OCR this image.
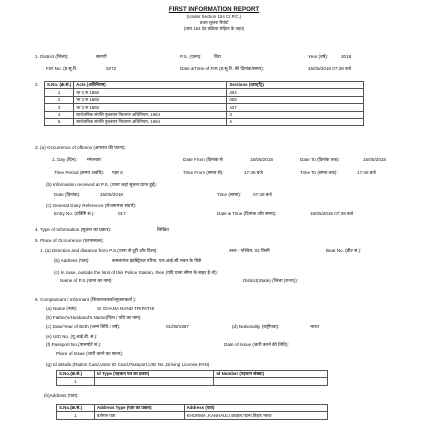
FIRST INFORMATION REPORT
(Under Section 154 Cr.P.C.)
प्रथम सूचना रिपोर्ट
(धारा 154 दंड प्रक्रिया संहिता के तहत)
1. District (जिला):	सारणी	P.S. (थाना):	विरा	Year (वर्ष):	2018
FIR No. (प्र.सू.रि.	0272	Date &Time of FIR (प्र.सू.रि. की दिनांक/समय):	16/05/2018 07:39 बजे
2. S.No. (क्र.सं.)	Acts (अधिनियम)	Sections (धारा(एँ))
1	भा द स 1860	304
2	भा द स 1860	308
3	भा द स 1860	427
4	सार्वजनिक संपत्ति नुकसान निवारण अधिनियम, 1984	3
5	सार्वजनिक संपत्ति नुकसान निवारण अधिनियम, 1984	4
3. (a) Occurrence of offence (अपराध की घटना):
1. Day (दिन): मंगलवार	Date From (दिनांक से	15/05/2018	Date To (दिनांक तक):	15/05/2018
Time Period (समय अवधि): पहर 6	Time From (समय से):	17:45 बजे	Time To (समय तक):	17:45 बजे
(b) Information received at P.S. (थाना जहां सूचना प्राप्त हुई):
Date (दिनांक):	16/05/2018	Time (समय):	07:39 बजे
(c) General Diary Reference (रोजनामचा संदर्भ):
Entry No. (प्रविष्टि सं.):	017	Date & Time (दिनांक और समय):	16/05/2018 07:39 बजे
4. Type of Information (सूचना का प्रकार):	लिखित
5. Place of Occurrence (घटनास्थल):
1. (a) Direction and distance from P.S.(थाना से दूरी और दिशा):	उत्तर - पश्चिम, 02 किमी	Beat No. (बीट सं.):
(b) Address (पता):	कमलागंज इंडस्ट्रियल एरिया, एल.आई.सी.भवन के पीछे
(c) In case, outside the limit of this Police Station, then (यदि थाना सीमा के बाहर है तो):
Name of P.S.(थाना का नाम):	District(State) (जिला (राज्य)):
6. Complainant / Informant (शिकायतकर्ता/सूचनाकर्ता ):
(a) Name (नाम):	SI GHANA NAND TRIPATHI
(b) Father's/Husband's Name(पिता / पति का नाम):
(c) Date/Year of Birth (जन्म तिथि / वर्ष):	01/09/1987	(d) Nationality (राष्ट्रीयता):	भारत
(e) UID No. (यू.आई.डी. सं.):
(f) Passport No.(पासपोर्ट सं.):	Date of Issue (जारी करने की तिथि):
Place of Issue (जारी करने का स्थान):
(g) Id details (Ration Card,Voter ID Card,Passport,UID No.,Driving License,PAN)
S.No.(क्र.सं.)	Id Type (पहचान पत्र का प्रकार)	Id Number (पहचान संख्या)
1		
(h)Address (पता):
S.No.(क्र.सं.)	Address Type (पता का प्रकार)	Address (पता)
1	वर्तमान पता	KHORMA ,KANHAULI,कटहल,पटना,बिहार,भारत
